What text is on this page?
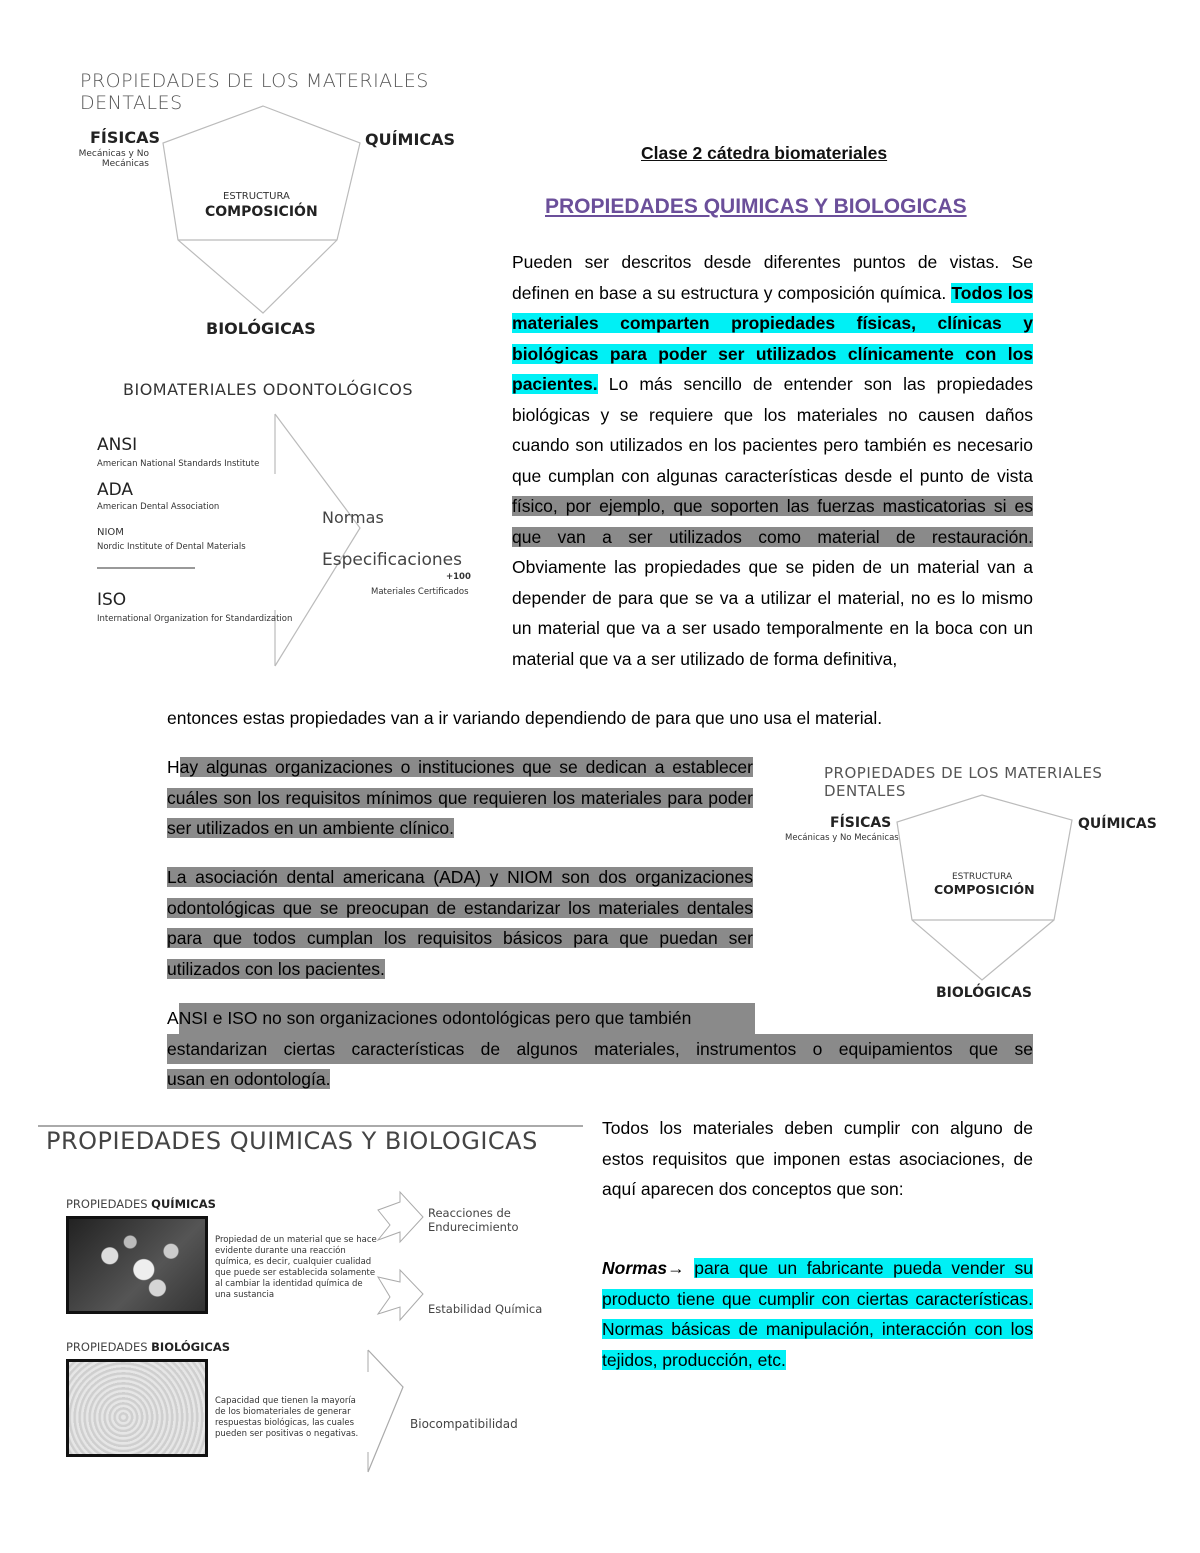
PROPIEDADES DE LOS MATERIALES DENTALES
FÍSICAS
Mecánicas y No Mecánicas
QUÍMICAS
ESTRUCTURA
COMPOSICIÓN
BIOLÓGICAS
BIOMATERIALES ODONTOLÓGICOS
ANSI
American National Standards Institute
ADA
American Dental Association
NIOM
Nordic Institute of Dental Materials
ISO
International Organization for Standardization
Normas
Especificaciones
+100
Materiales Certificados
Clase 2 cátedra biomateriales
PROPIEDADES QUIMICAS Y BIOLOGICAS
Pueden ser descritos desde diferentes puntos de vistas. Se definen en base a su estructura y composición química. Todos los materiales comparten propiedades físicas, clínicas y biológicas para poder ser utilizados clínicamente con los pacientes. Lo más sencillo de entender son las propiedades biológicas y se requiere que los materiales no causen daños cuando son utilizados en los pacientes pero también es necesario que cumplan con algunas características desde el punto de vista físico, por ejemplo, que soporten las fuerzas masticatorias si es que van a ser utilizados como material de restauración. Obviamente las propiedades que se piden de un material van a depender de para que se va a utilizar el material, no es lo mismo un material que va a ser usado temporalmente en la boca con un material que va a ser utilizado de forma definitiva,
entonces estas propiedades van a ir variando dependiendo de para que uno usa el material.
Hay algunas organizaciones o instituciones que se dedican a establecer cuáles son los requisitos mínimos que requieren los materiales para poder ser utilizados en un ambiente clínico.
La asociación dental americana (ADA) y NIOM son dos organizaciones odontológicas que se preocupan de estandarizar los materiales dentales para que todos cumplan los requisitos básicos para que puedan ser utilizados con los pacientes.
ANSI e ISO no son organizaciones odontológicas pero que también
estandarizan ciertas características de algunos materiales, instrumentos o equipamientos que se
usan en odontología.
PROPIEDADES DE LOS MATERIALES DENTALES
FÍSICAS
Mecánicas y No Mecánicas
QUÍMICAS
ESTRUCTURA
COMPOSICIÓN
BIOLÓGICAS
PROPIEDADES QUIMICAS Y BIOLOGICAS
PROPIEDADES QUÍMICAS
Propiedad de un material que se hace evidente durante una reacción química, es decir, cualquier cualidad que puede ser establecida solamente al cambiar la identidad química de una sustancia
Reacciones de Endurecimiento
Estabilidad Química
PROPIEDADES BIOLÓGICAS
Capacidad que tienen la mayoría de los biomateriales de generar respuestas biológicas, las cuales pueden ser positivas o negativas.
Biocompatibilidad
Todos los materiales deben cumplir con alguno de estos requisitos que imponen estas asociaciones, de aquí aparecen dos conceptos que son:
Normas→ para que un fabricante pueda vender su producto tiene que cumplir con ciertas características. Normas básicas de manipulación, interacción con los tejidos, producción, etc.
